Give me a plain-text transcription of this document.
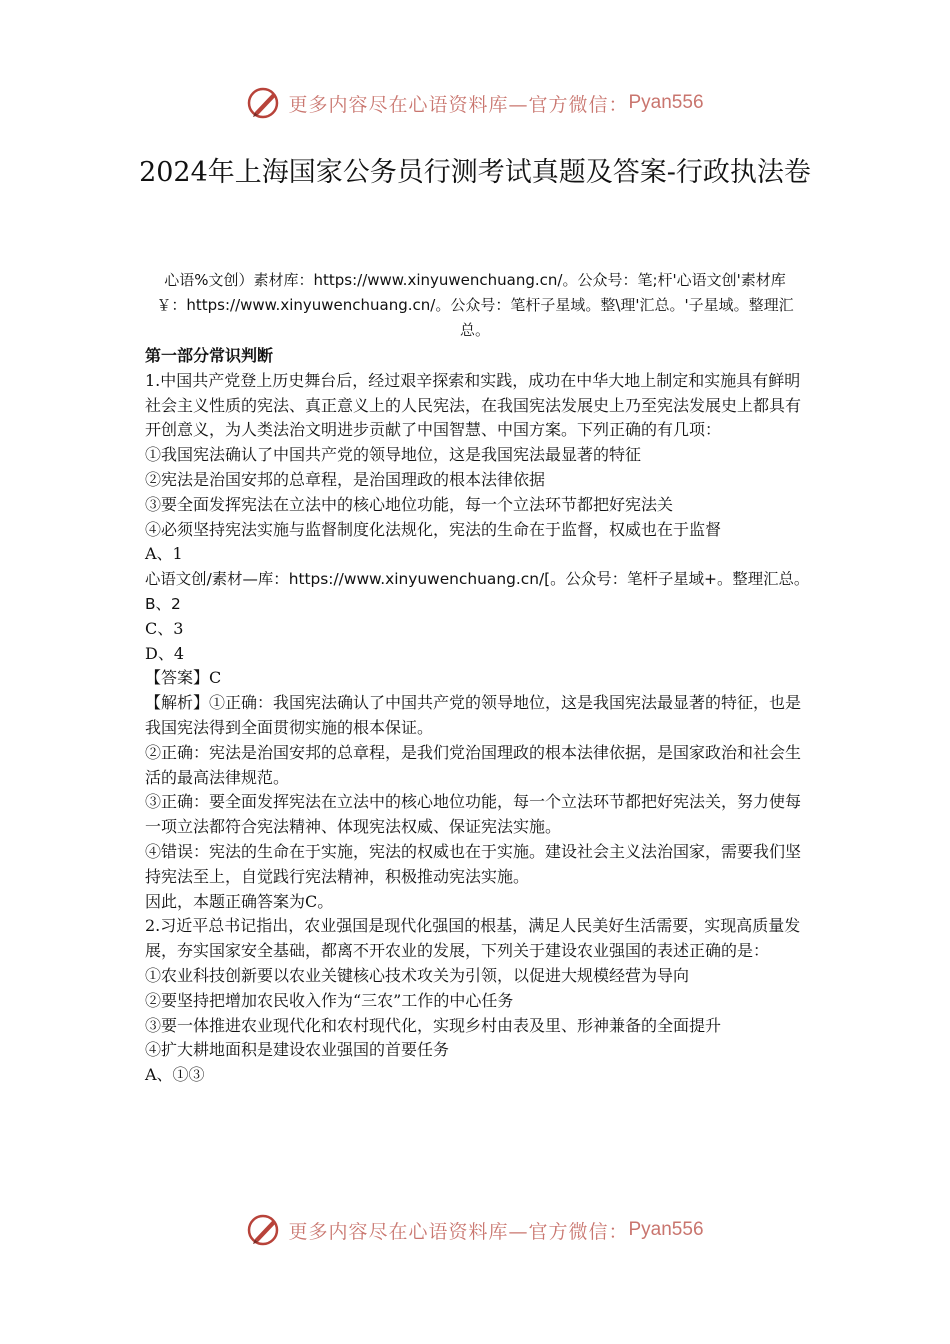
更多内容尽在心语资料库—官方微信： Pyan556
2024年上海国家公务员行测考试真题及答案-行政执法卷
心语%文创）素材库：https://www.xinyuwenchuang.cn/。公众号：笔;杆'心语文创'素材库￥：https://www.xinyuwenchuang.cn/。公众号：笔杆子星域。整\理'汇总。'子星域。整理汇总。

第一部分常识判断

1.中国共产党登上历史舞台后，经过艰辛探索和实践，成功在中华大地上制定和实施具有鲜明社会主义性质的宪法、真正意义上的人民宪法，在我国宪法发展史上乃至宪法发展史上都具有开创意义，为人类法治文明进步贡献了中国智慧、中国方案。下列正确的有几项：

①我国宪法确认了中国共产党的领导地位，这是我国宪法最显著的特征

②宪法是治国安邦的总章程，是治国理政的根本法律依据

③要全面发挥宪法在立法中的核心地位功能，每一个立法环节都把好宪法关

④必须坚持宪法实施与监督制度化法规化，宪法的生命在于监督，权威也在于监督

A、1

心语文创/素材—库：https://www.xinyuwenchuang.cn/[。公众号：笔杆子星域+。整理汇总。B、2

C、3

D、4

【答案】C

【解析】①正确：我国宪法确认了中国共产党的领导地位，这是我国宪法最显著的特征，也是我国宪法得到全面贯彻实施的根本保证。

②正确：宪法是治国安邦的总章程，是我们党治国理政的根本法律依据，是国家政治和社会生活的最高法律规范。

③正确：要全面发挥宪法在立法中的核心地位功能，每一个立法环节都把好宪法关，努力使每一项立法都符合宪法精神、体现宪法权威、保证宪法实施。

④错误：宪法的生命在于实施，宪法的权威也在于实施。建设社会主义法治国家，需要我们坚持宪法至上，自觉践行宪法精神，积极推动宪法实施。

因此，本题正确答案为C。

2.习近平总书记指出，农业强国是现代化强国的根基，满足人民美好生活需要，实现高质量发展，夯实国家安全基础，都离不开农业的发展，下列关于建设农业强国的表述正确的是：

①农业科技创新要以农业关键核心技术攻关为引领，以促进大规模经营为导向

②要坚持把增加农民收入作为“三农”工作的中心任务

③要一体推进农业现代化和农村现代化，实现乡村由表及里、形神兼备的全面提升

④扩大耕地面积是建设农业强国的首要任务

A、①③

更多内容尽在心语资料库—官方微信： Pyan556
